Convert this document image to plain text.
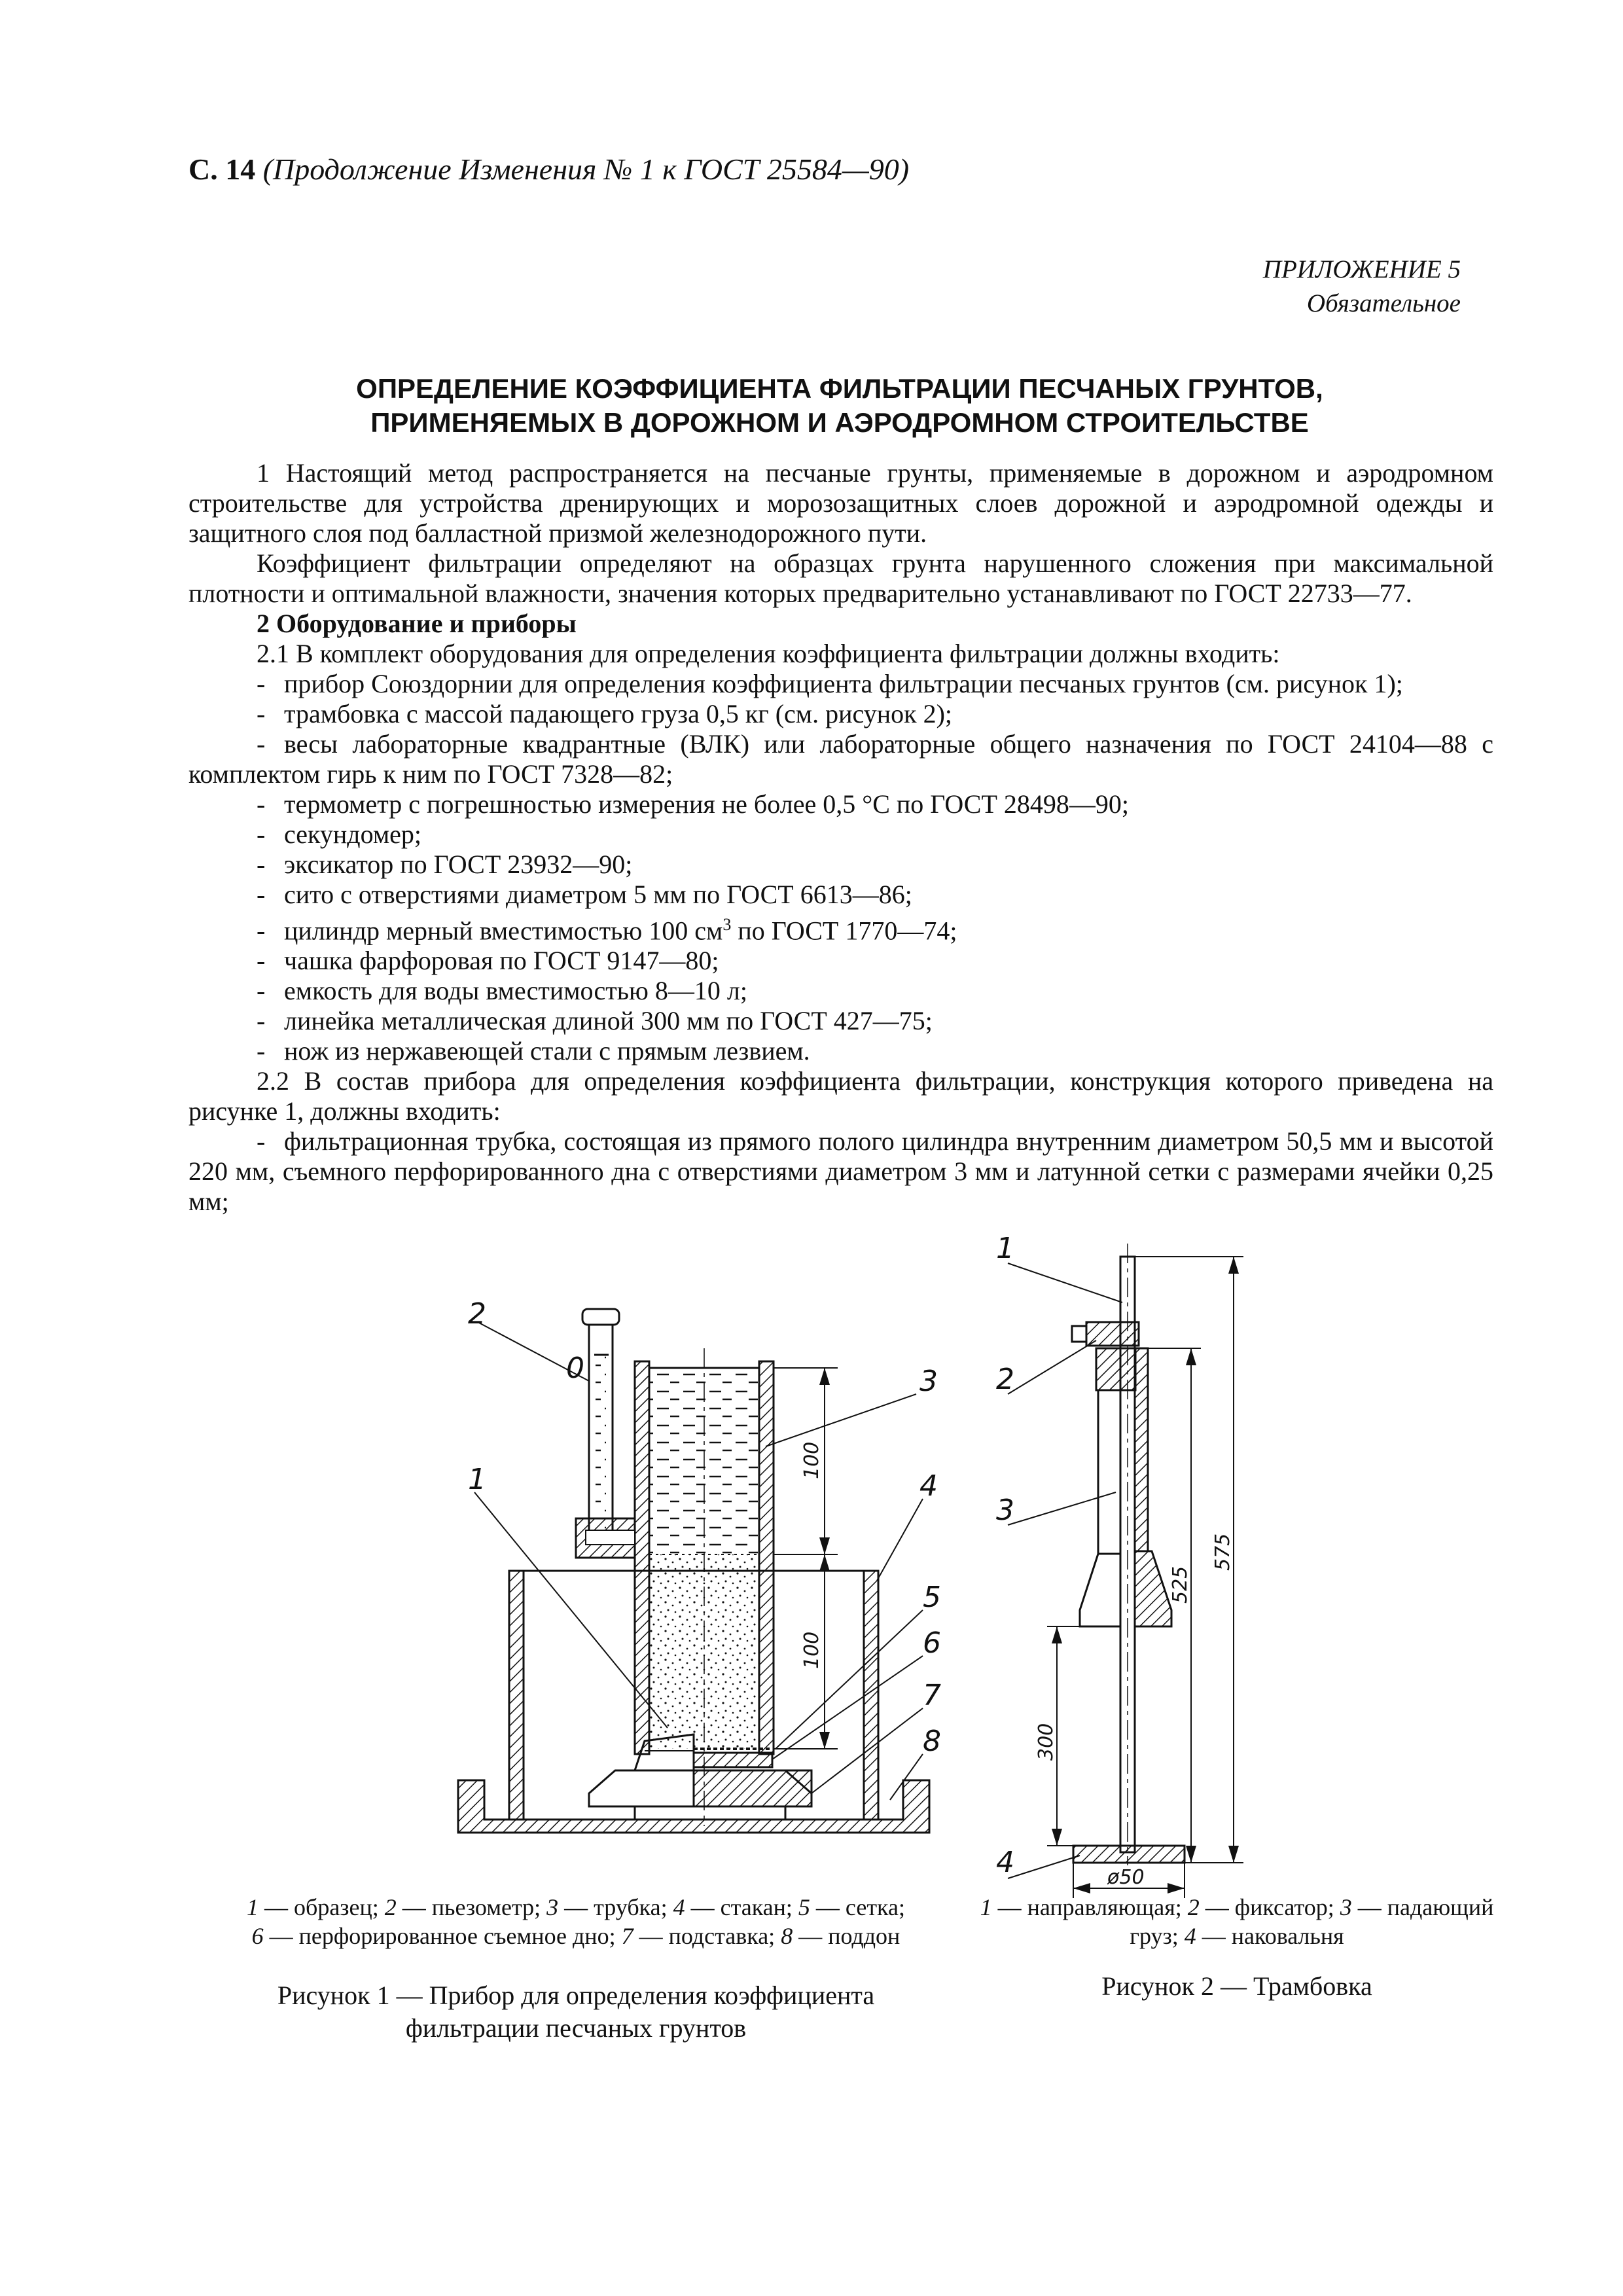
С. 14 (Продолжение Изменения № 1 к ГОСТ 25584—90)
ПРИЛОЖЕНИЕ 5
Обязательное
ОПРЕДЕЛЕНИЕ КОЭФФИЦИЕНТА ФИЛЬТРАЦИИ ПЕСЧАНЫХ ГРУНТОВ,
ПРИМЕНЯЕМЫХ В ДОРОЖНОМ И АЭРОДРОМНОМ СТРОИТЕЛЬСТВЕ

1 Настоящий метод распространяется на песчаные грунты, применяемые в дорожном и аэродромном строительстве для устройства дренирующих и морозозащитных слоев дорожной и аэродромной одежды и защитного слоя под балластной призмой железнодорожного пути.

Коэффициент фильтрации определяют на образцах грунта нарушенного сложения при максимальной плотности и оптимальной влажности, значения которых предварительно устанавливают по ГОСТ 22733—77.

2 Оборудование и приборы

2.1 В комплект оборудования для определения коэффициента фильтрации должны входить:

- прибор Союздорнии для определения коэффициента фильтрации песчаных грунтов (см. рисунок 1);

- трамбовка с массой падающего груза 0,5 кг (см. рисунок 2);

- весы лабораторные квадрантные (ВЛК) или лабораторные общего назначения по ГОСТ 24104—88 с комплектом гирь к ним по ГОСТ 7328—82;

- термометр с погрешностью измерения не более 0,5 °С по ГОСТ 28498—90;

- секундомер;

- эксикатор по ГОСТ 23932—90;

- сито с отверстиями диаметром 5 мм по ГОСТ 6613—86;

- цилиндр мерный вместимостью 100 $см^3$ по ГОСТ 1770—74;

- чашка фарфоровая по ГОСТ 9147—80;

- емкость для воды вместимостью 8—10 л;

- линейка металлическая длиной 300 мм по ГОСТ 427—75;

- нож из нержавеющей стали с прямым лезвием.

2.2 В состав прибора для определения коэффициента фильтрации, конструкция которого приведена на рисунке 1, должны входить:

- фильтрационная трубка, состоящая из прямого полого цилиндра внутренним диаметром 50,5 мм и высотой 220 мм, съемного перфорированного дна с отверстиями диаметром 3 мм и латунной сетки с размерами ячейки 0,25 мм;

100
100
2
0
1
3
4
5
6
7
8
575
525
300
ø50
1
2
3
4
1 — образец; 2 — пьезометр; 3 — трубка; 4 — стакан; 5 — сетка;
6 — перфорированное съемное дно; 7 — подставка; 8 — поддон
Рисунок 1 — Прибор для определения коэффициента
фильтрации песчаных грунтов
1 — направляющая; 2 — фиксатор; 3 — падающий груз; 4 — наковальня
Рисунок 2 — Трамбовка
